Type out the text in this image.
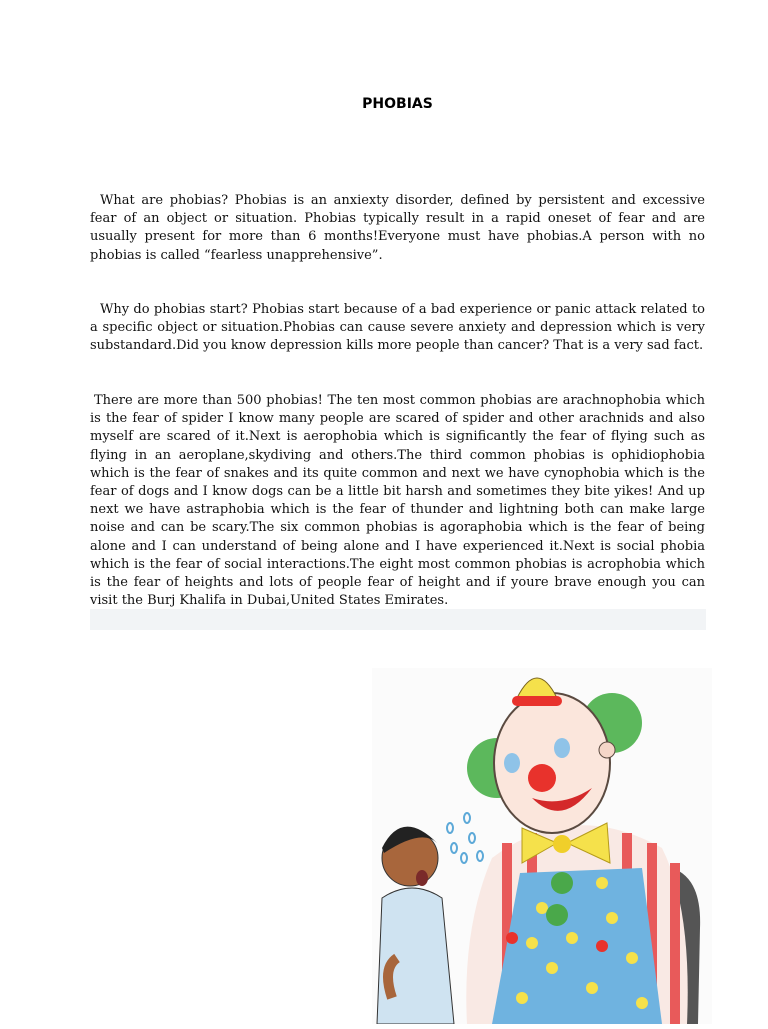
PHOBIAS

What are phobias? Phobias is an anxiexty disorder, defined by persistent and excessive fear of an object or situation. Phobias typically result in a rapid oneset of fear and are usually present for more than 6 months!Everyone must have phobias.A person with no phobias is called “fearless unapprehensive”.

Why do phobias start? Phobias start because of a bad experience or panic attack related to a specific object or situation.Phobias can cause severe anxiety and depression which is very substandard.Did you know depression kills more people than cancer? That is a very sad fact.

There are more than 500 phobias! The ten most common phobias are arachnophobia which is the fear of spider I know many people are scared of spider and other arachnids and also myself are scared of it.Next is aerophobia which is significantly the fear of flying such as flying in an aeroplane,skydiving and others.The third common phobias is ophidiophobia which is the fear of snakes and its quite common and next we have cynophobia which is the fear of dogs and I know dogs can be a little bit harsh and sometimes they bite yikes! And up next we have astraphobia which is the fear of thunder and lightning both can make large noise and can be scary.The six common phobias is agoraphobia which is the fear of being alone and I can understand of being alone and I have experienced it.Next is social phobia which is the fear of social interactions.The eight most common phobias is acrophobia which is the fear of heights and lots of people fear of height and if youre brave enough you can visit the Burj Khalifa in Dubai,United States Emirates.
